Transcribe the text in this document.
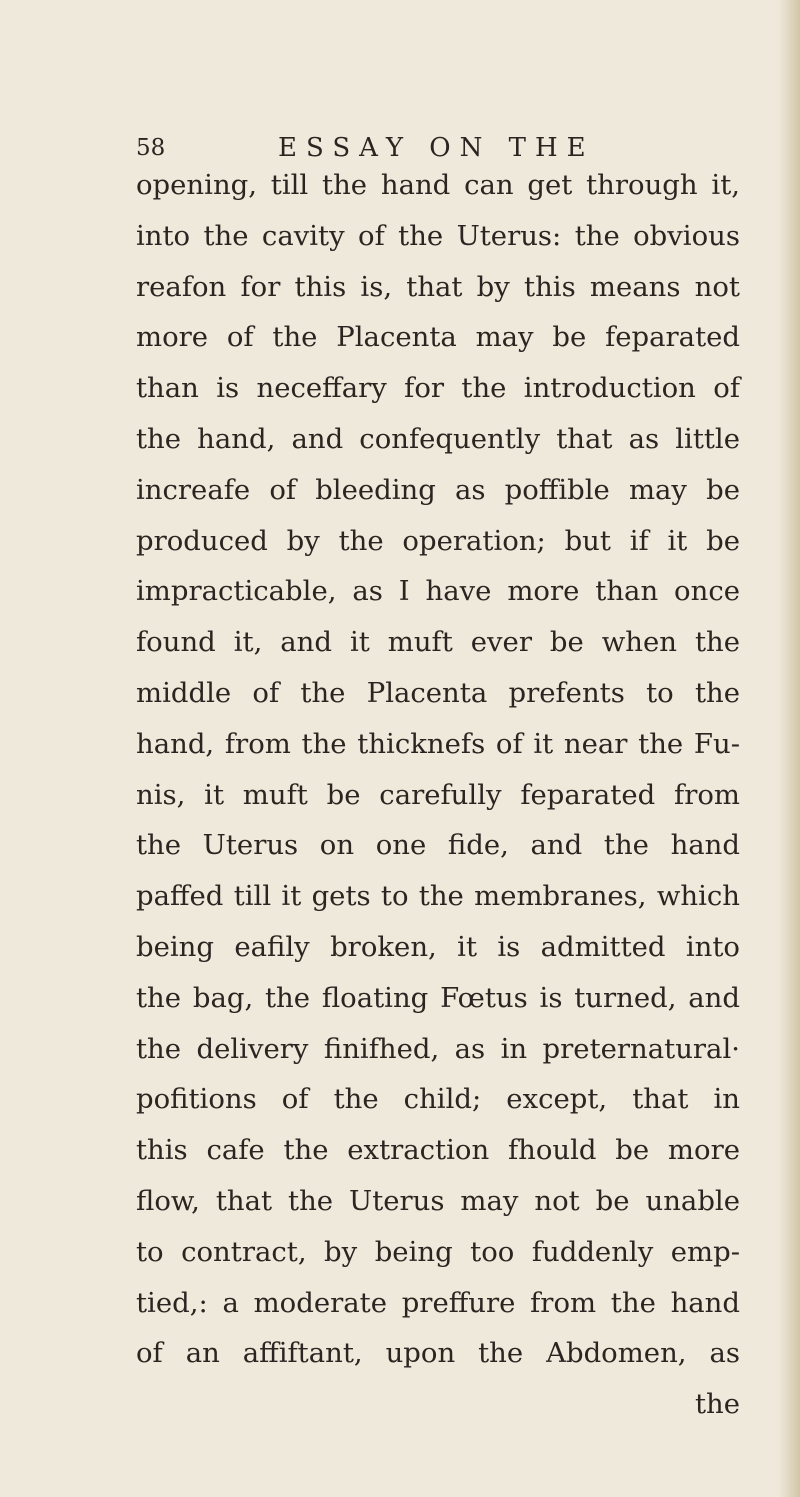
58	ESSAY ON THE
opening, till the hand can get through it,
into the cavity of the Uterus: the obvious
reafon for this is, that by this means not
more of the Placenta may be feparated
than is neceffary for the introduction of
the hand, and confequently that as little
increafe of bleeding as poffible may be
produced by the operation; but if it be
impracticable, as I have more than once
found it, and it muft ever be when the
middle of the Placenta prefents to the
hand, from the thicknefs of it near the Fu-
nis, it muft be carefully feparated from
the Uterus on one fide, and the hand
paffed till it gets to the membranes, which
being eafily broken, it is admitted into
the bag, the floating Fœtus is turned, and
the delivery finifhed, as in preternatural·
pofitions of the child; except, that in
this cafe the extraction fhould be more
flow, that the Uterus may not be unable
to contract, by being too fuddenly emp-
tied,: a moderate preffure from the hand
of an affiftant, upon the Abdomen, as
the
